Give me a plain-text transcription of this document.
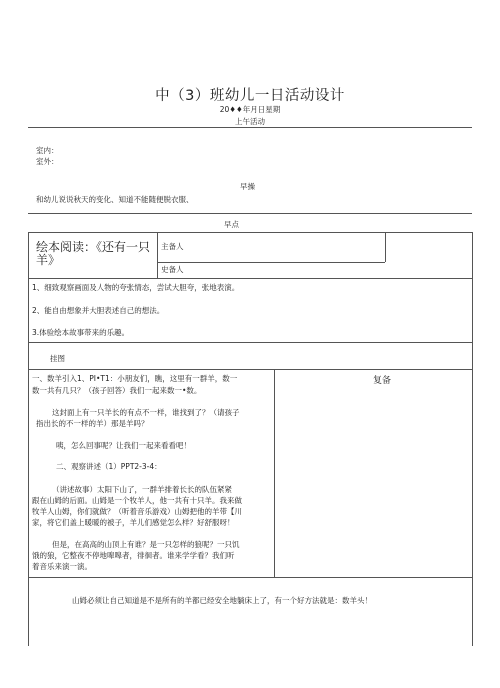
中（3）班幼儿一日活动设计
20♦♦年月日星期
上午活动
室内：
室外：
早操
和幼儿说说秋天的变化、知道不能随便脱衣服、
早点
绘本阅读：《还有一只羊》
主备人
史备人
1、细致观察画面及人物的夸张情态，尝试大胆夸，张地表演。
2、能自由想象并大胆表述自己的想法。
3.体验绘本故事带来的乐趣。
挂图
一、数羊引入1、PI•T1：小朋友们，瞧，这里有一群羊，数一
数一共有几只？（孩子回答）我们一起来数一•数。
这封面上有一只羊长的有点不一样，谁找到了？（请孩子
指出长的不一样的羊）那是羊吗？
咦，怎么回事呢？让我们一起来看看吧！
二、观察讲述（1）PPT2-3-4：
（讲述故事）太阳下山了，一群羊排着长长的队伍紧紧
跟在山姆的后面。山姆是一个牧羊人，他一共有十只羊。我来做
牧羊人山姆，你们就做？（听着音乐游戏）山姆把他的羊带【川
家，将它们盖上暖暖的被子，羊儿们感觉怎么样？好舒服呀！
但是，在高高的山顶上有谁？是一只怎样的狼呢？一只饥
饿的狼，它整夜不停地嗥嗥者，徘徊者。谁来学学看？我们听
着音乐来演一演。
复备
山姆必须让自己知道是不是所有的羊都已经安全地躺床上了，有一个好方法就是：数羊头！
